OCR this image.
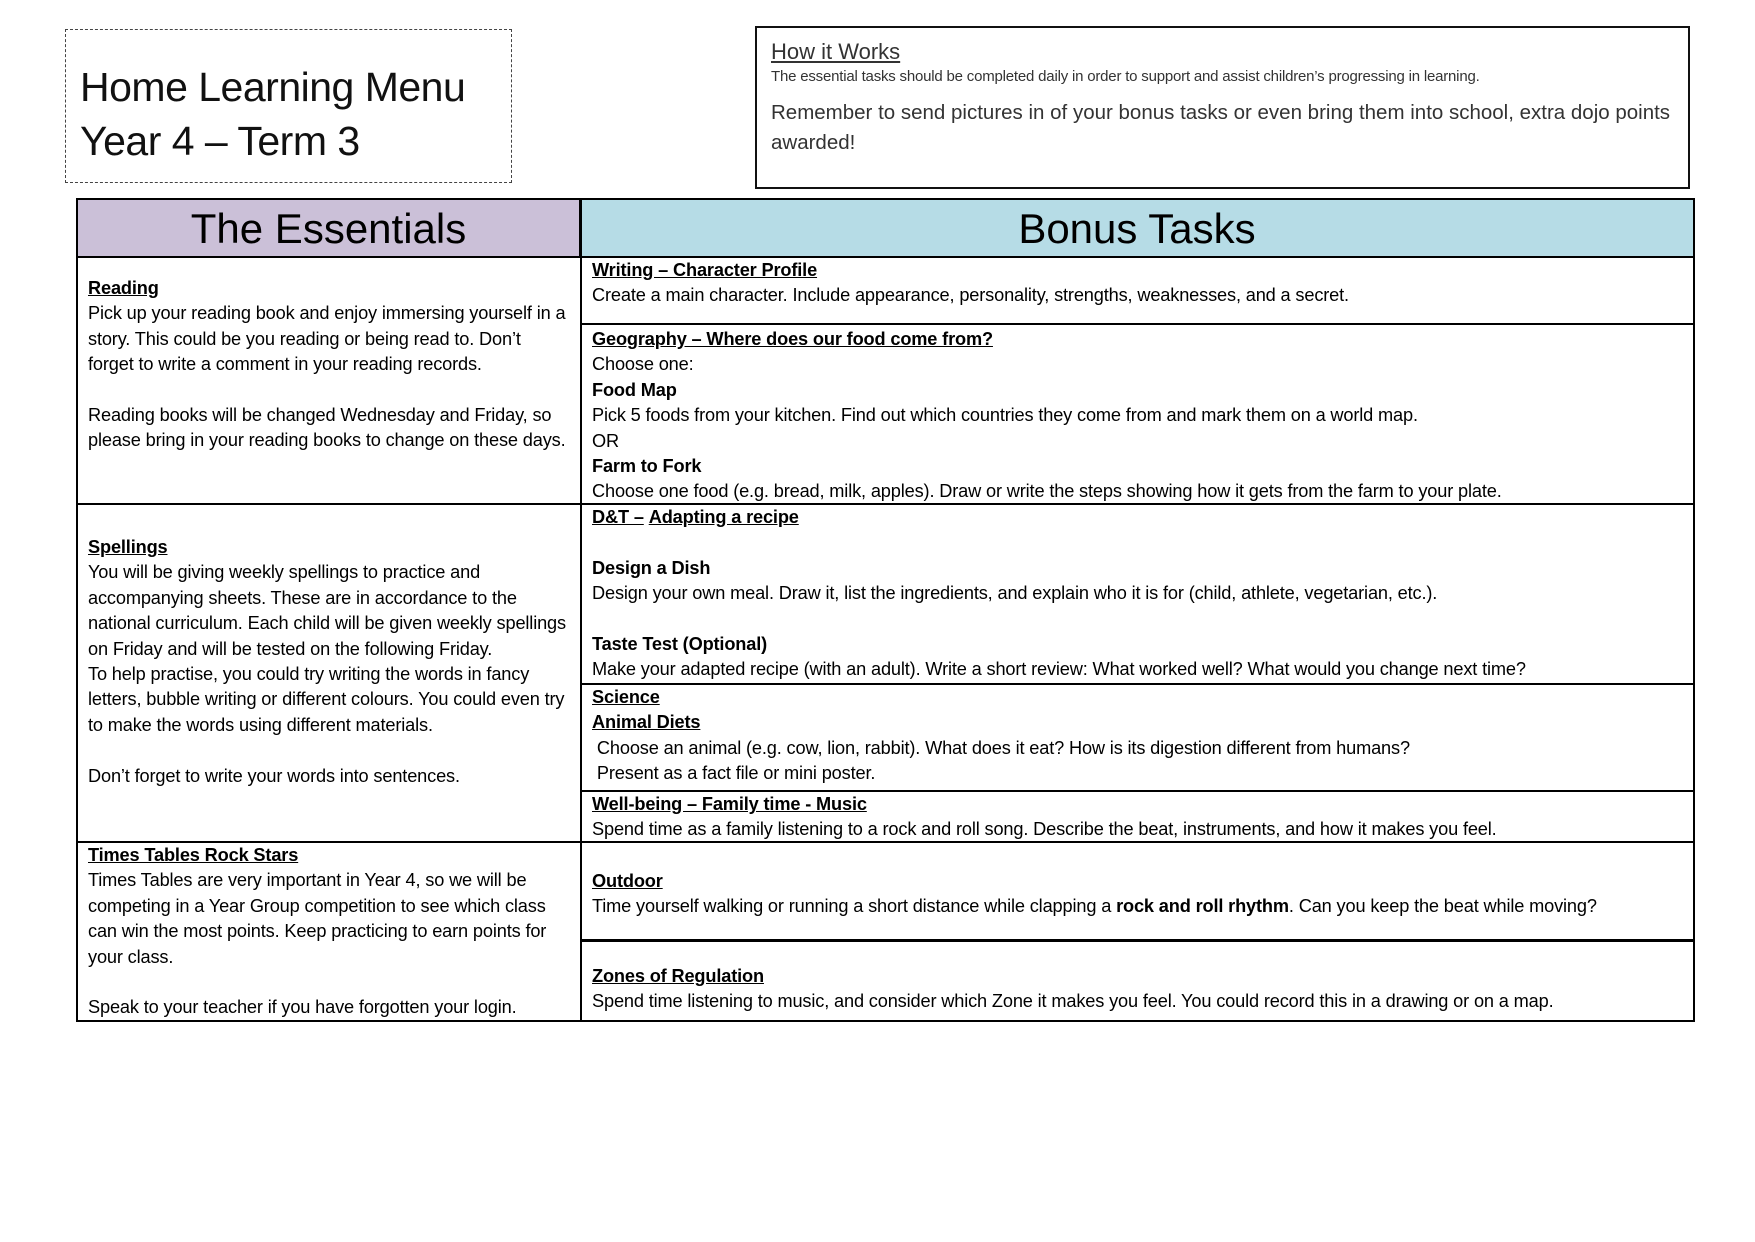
Home Learning Menu
Year 4 – Term 3
How it Works
The essential tasks should be completed daily in order to support and assist children’s progressing in learning.
Remember to send pictures in of your bonus tasks or even bring them into school, extra dojo points awarded!
The Essentials	Bonus Tasks

Reading

Pick up your reading book and enjoy immersing yourself in a story. This could be you reading or being read to. Don’t forget to write a comment in your reading records.

Reading books will be changed Wednesday and Friday, so please bring in your reading books to change on these days.

Spellings

You will be giving weekly spellings to practice and accompanying sheets. These are in accordance to the national curriculum. Each child will be given weekly spellings on Friday and will be tested on the following Friday.

To help practise, you could try writing the words in fancy letters, bubble writing or different colours. You could even try to make the words using different materials.

Don’t forget to write your words into sentences.

Times Tables Rock Stars

Times Tables are very important in Year 4, so we will be competing in a Year Group competition to see which class can win the most points. Keep practicing to earn points for your class.

Speak to your teacher if you have forgotten your login.

Writing – Character Profile

Create a main character. Include appearance, personality, strengths, weaknesses, and a secret.

Geography – Where does our food come from?

Choose one:

Food Map

Pick 5 foods from your kitchen. Find out which countries they come from and mark them on a world map.

OR

Farm to Fork

Choose one food (e.g. bread, milk, apples). Draw or write the steps showing how it gets from the farm to your plate.

D&T – Adapting a recipe

Design a Dish

Design your own meal. Draw it, list the ingredients, and explain who it is for (child, athlete, vegetarian, etc.).

Taste Test (Optional)

Make your adapted recipe (with an adult). Write a short review: What worked well? What would you change next time?

Science

Animal Diets

Choose an animal (e.g. cow, lion, rabbit). What does it eat? How is its digestion different from humans?

Present as a fact file or mini poster.

Well-being – Family time - Music

Spend time as a family listening to a rock and roll song. Describe the beat, instruments, and how it makes you feel.

Outdoor

Time yourself walking or running a short distance while clapping a rock and roll rhythm. Can you keep the beat while moving?

Zones of Regulation

Spend time listening to music, and consider which Zone it makes you feel. You could record this in a drawing or on a map.
